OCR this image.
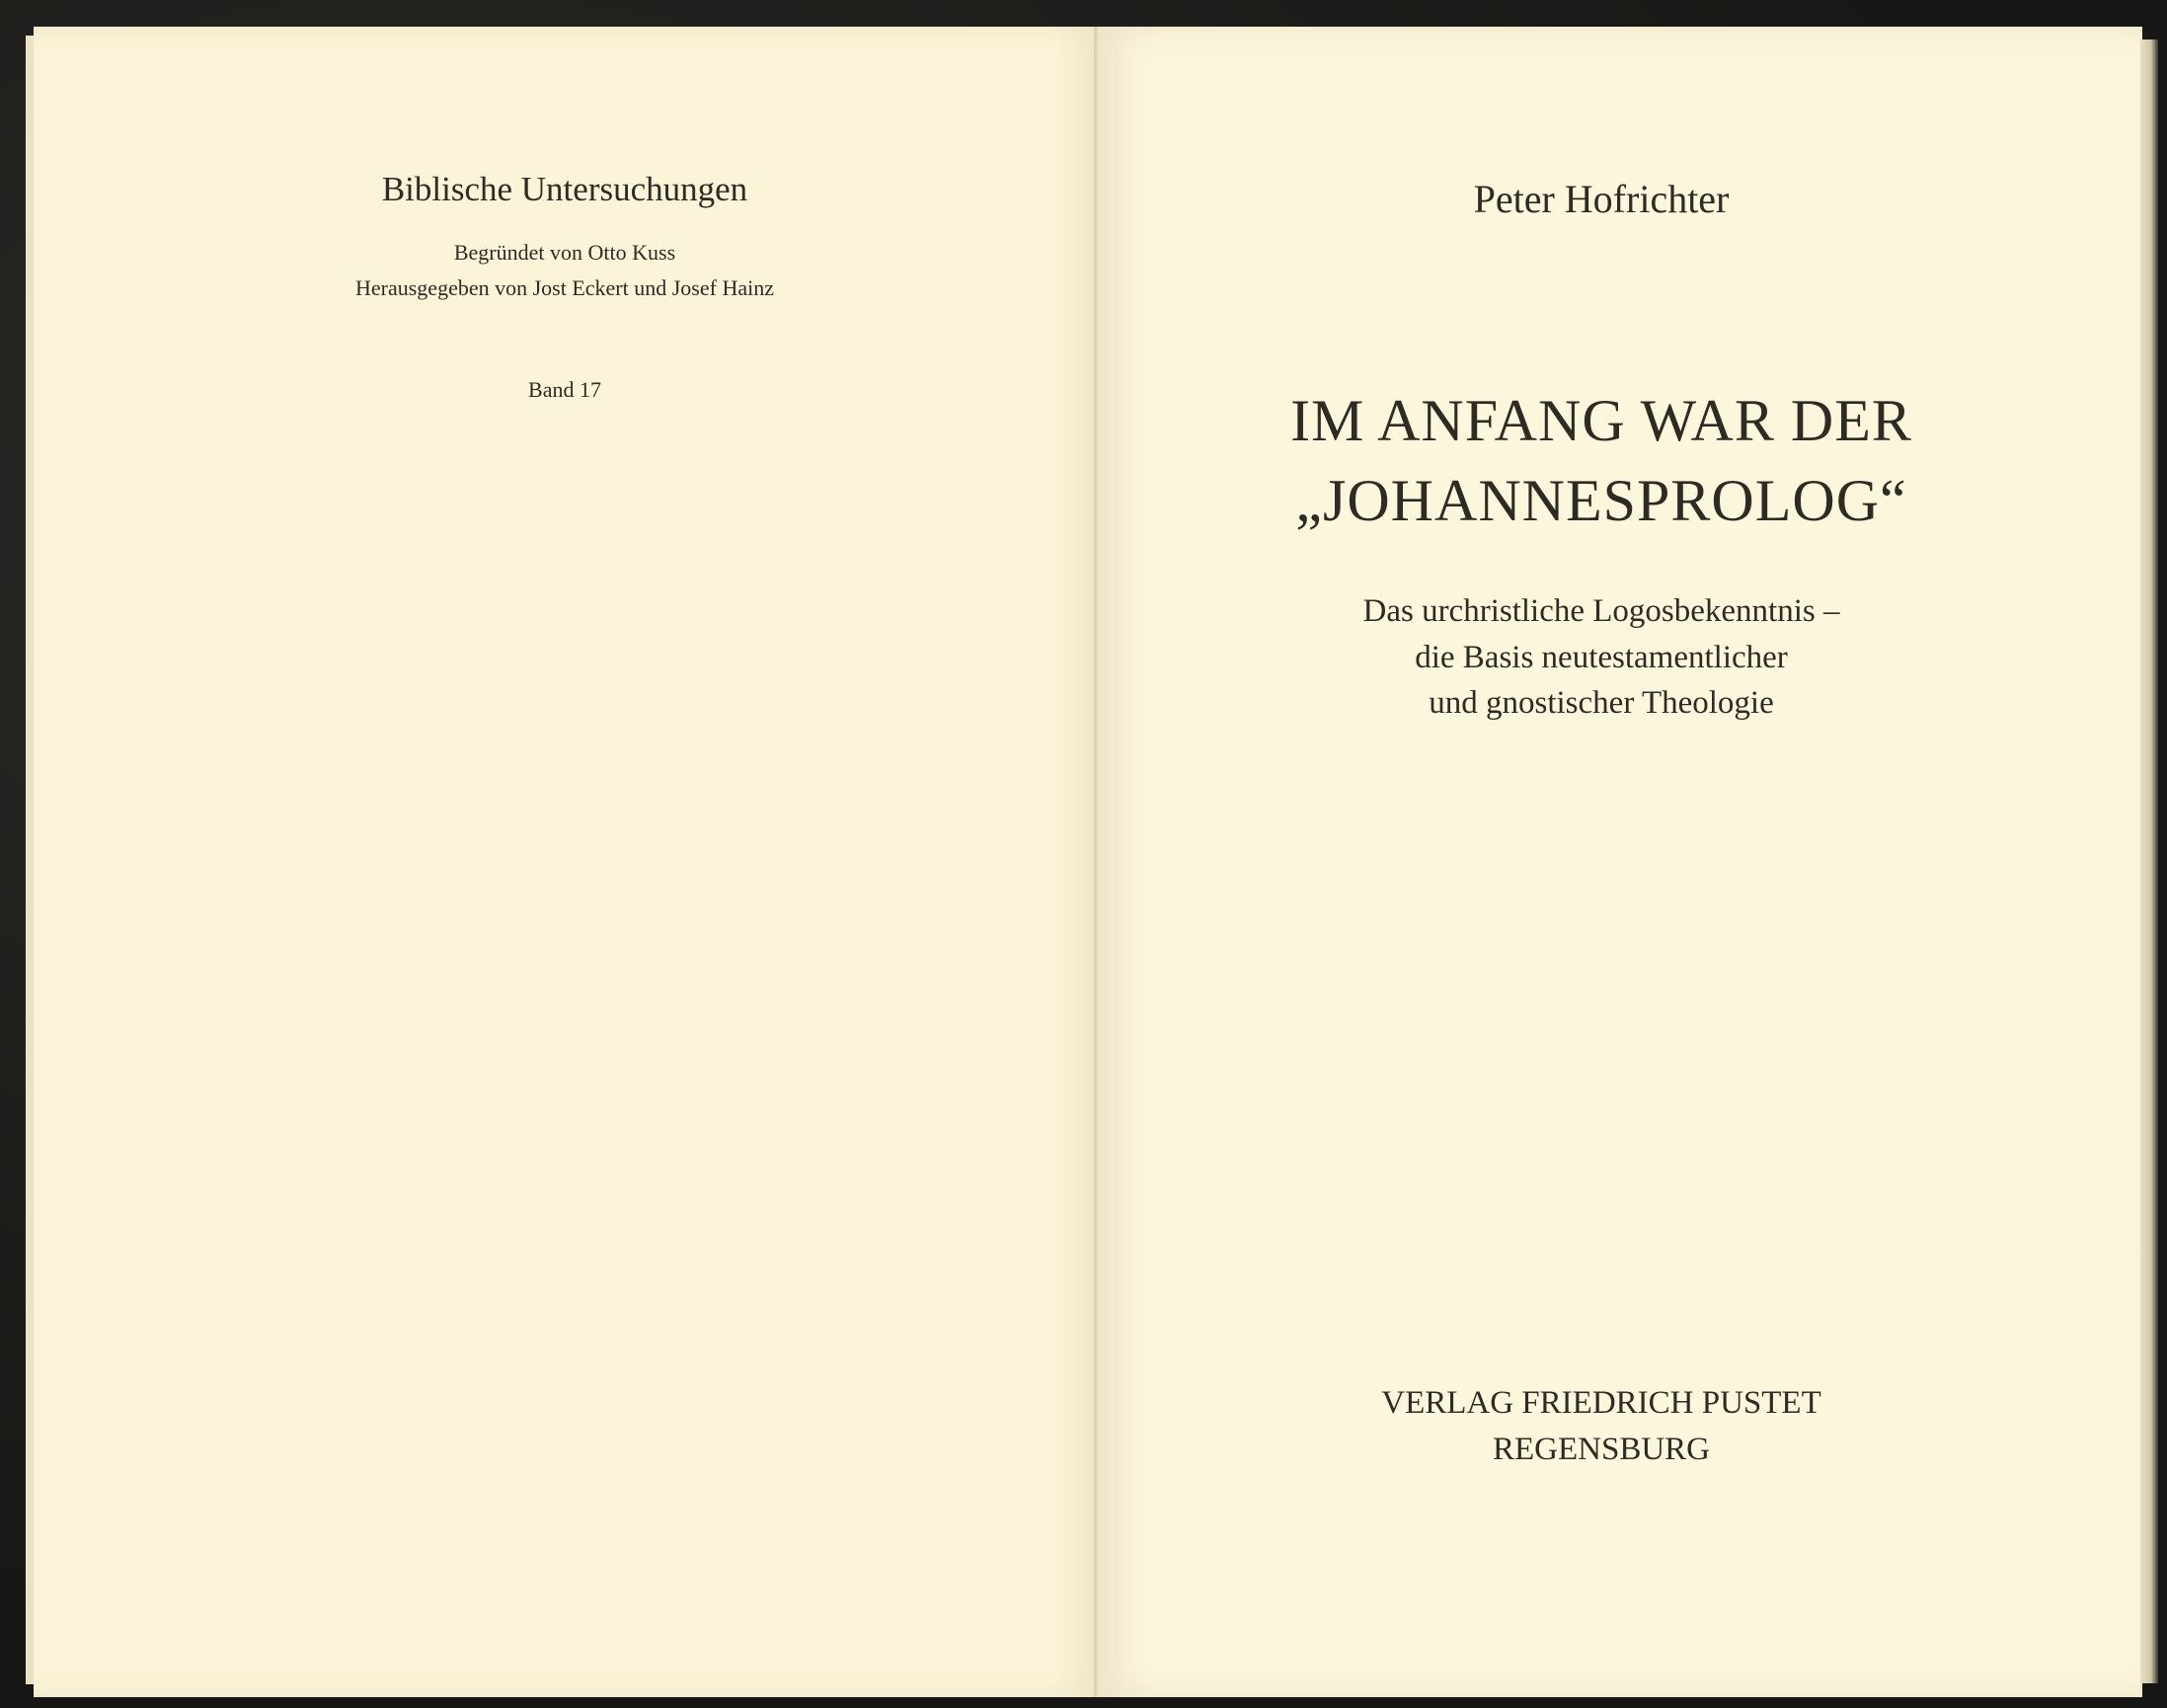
Biblische Untersuchungen
Begründet von Otto Kuss
Herausgegeben von Jost Eckert und Josef Hainz
Band 17
Peter Hofrichter
IM ANFANG WAR DER
„JOHANNESPROLOG“
Das urchristliche Logosbekenntnis –
die Basis neutestamentlicher
und gnostischer Theologie
VERLAG FRIEDRICH PUSTET
REGENSBURG
